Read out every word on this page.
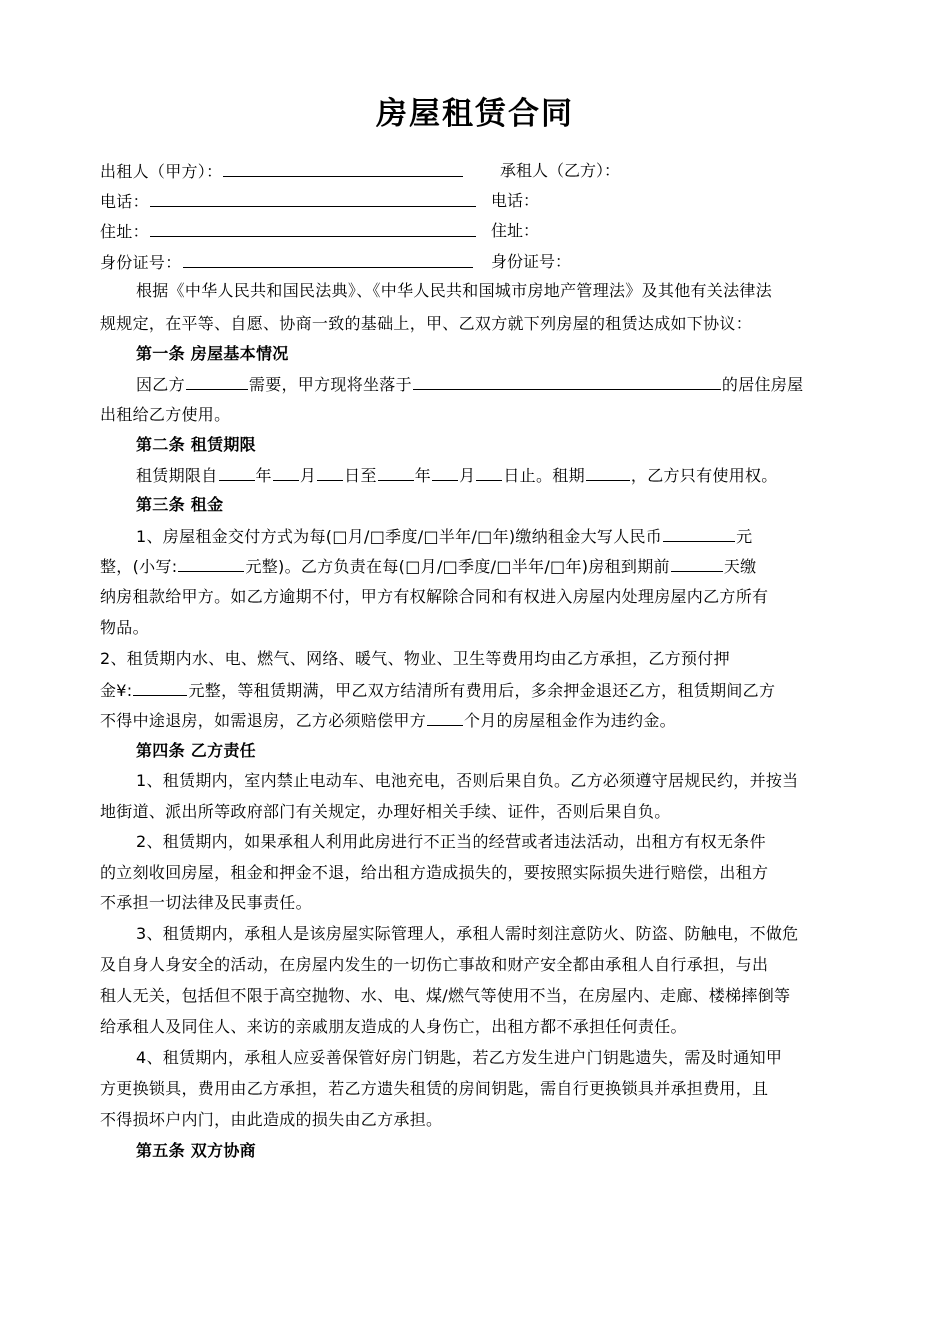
房屋租赁合同
出租人（甲方）：	承租人（乙方）：
电话：	电话：
住址：	住址：
身份证号：	身份证号：
根据《中华人民共和国民法典》、《中华人民共和国城市房地产管理法》及其他有关法律法
规规定，在平等、自愿、协商一致的基础上，甲、乙双方就下列房屋的租赁达成如下协议：
第一条 房屋基本情况
因乙方	需要，甲方现将坐落于	的居住房屋
出租给乙方使用。
第二条 租赁期限
租赁期限自 年 月 日至 年 月 日止。租期	，乙方只有使用权。
第三条 租金
1、房屋租金交付方式为每(□月/□季度/□半年/□年)缴纳租金大写人民币	元
整，(小写:	元整)。乙方负责在每(□月/□季度/□半年/□年)房租到期前	天缴
纳房租款给甲方。如乙方逾期不付，甲方有权解除合同和有权进入房屋内处理房屋内乙方所有
物品。
2、租赁期内水、电、燃气、网络、暖气、物业、卫生等费用均由乙方承担，乙方预付押
金¥:	元整，等租赁期满，甲乙双方结清所有费用后，多余押金退还乙方，租赁期间乙方
不得中途退房，如需退房，乙方必须赔偿甲方 个月的房屋租金作为违约金。
第四条 乙方责任
1、租赁期内，室内禁止电动车、电池充电，否则后果自负。乙方必须遵守居规民约，并按当
地街道、派出所等政府部门有关规定，办理好相关手续、证件，否则后果自负。
2、租赁期内，如果承租人利用此房进行不正当的经营或者违法活动，出租方有权无条件
的立刻收回房屋，租金和押金不退，给出租方造成损失的，要按照实际损失进行赔偿，出租方
不承担一切法律及民事责任。
3、租赁期内，承租人是该房屋实际管理人，承租人需时刻注意防火、防盗、防触电，不做危
及自身人身安全的活动，在房屋内发生的一切伤亡事故和财产安全都由承租人自行承担，与出
租人无关，包括但不限于高空抛物、水、电、煤/燃气等使用不当，在房屋内、走廊、楼梯摔倒等
给承租人及同住人、来访的亲戚朋友造成的人身伤亡，出租方都不承担任何责任。
4、租赁期内，承租人应妥善保管好房门钥匙，若乙方发生进户门钥匙遗失，需及时通知甲
方更换锁具，费用由乙方承担，若乙方遗失租赁的房间钥匙，需自行更换锁具并承担费用，且
不得损坏户内门，由此造成的损失由乙方承担。
第五条 双方协商
